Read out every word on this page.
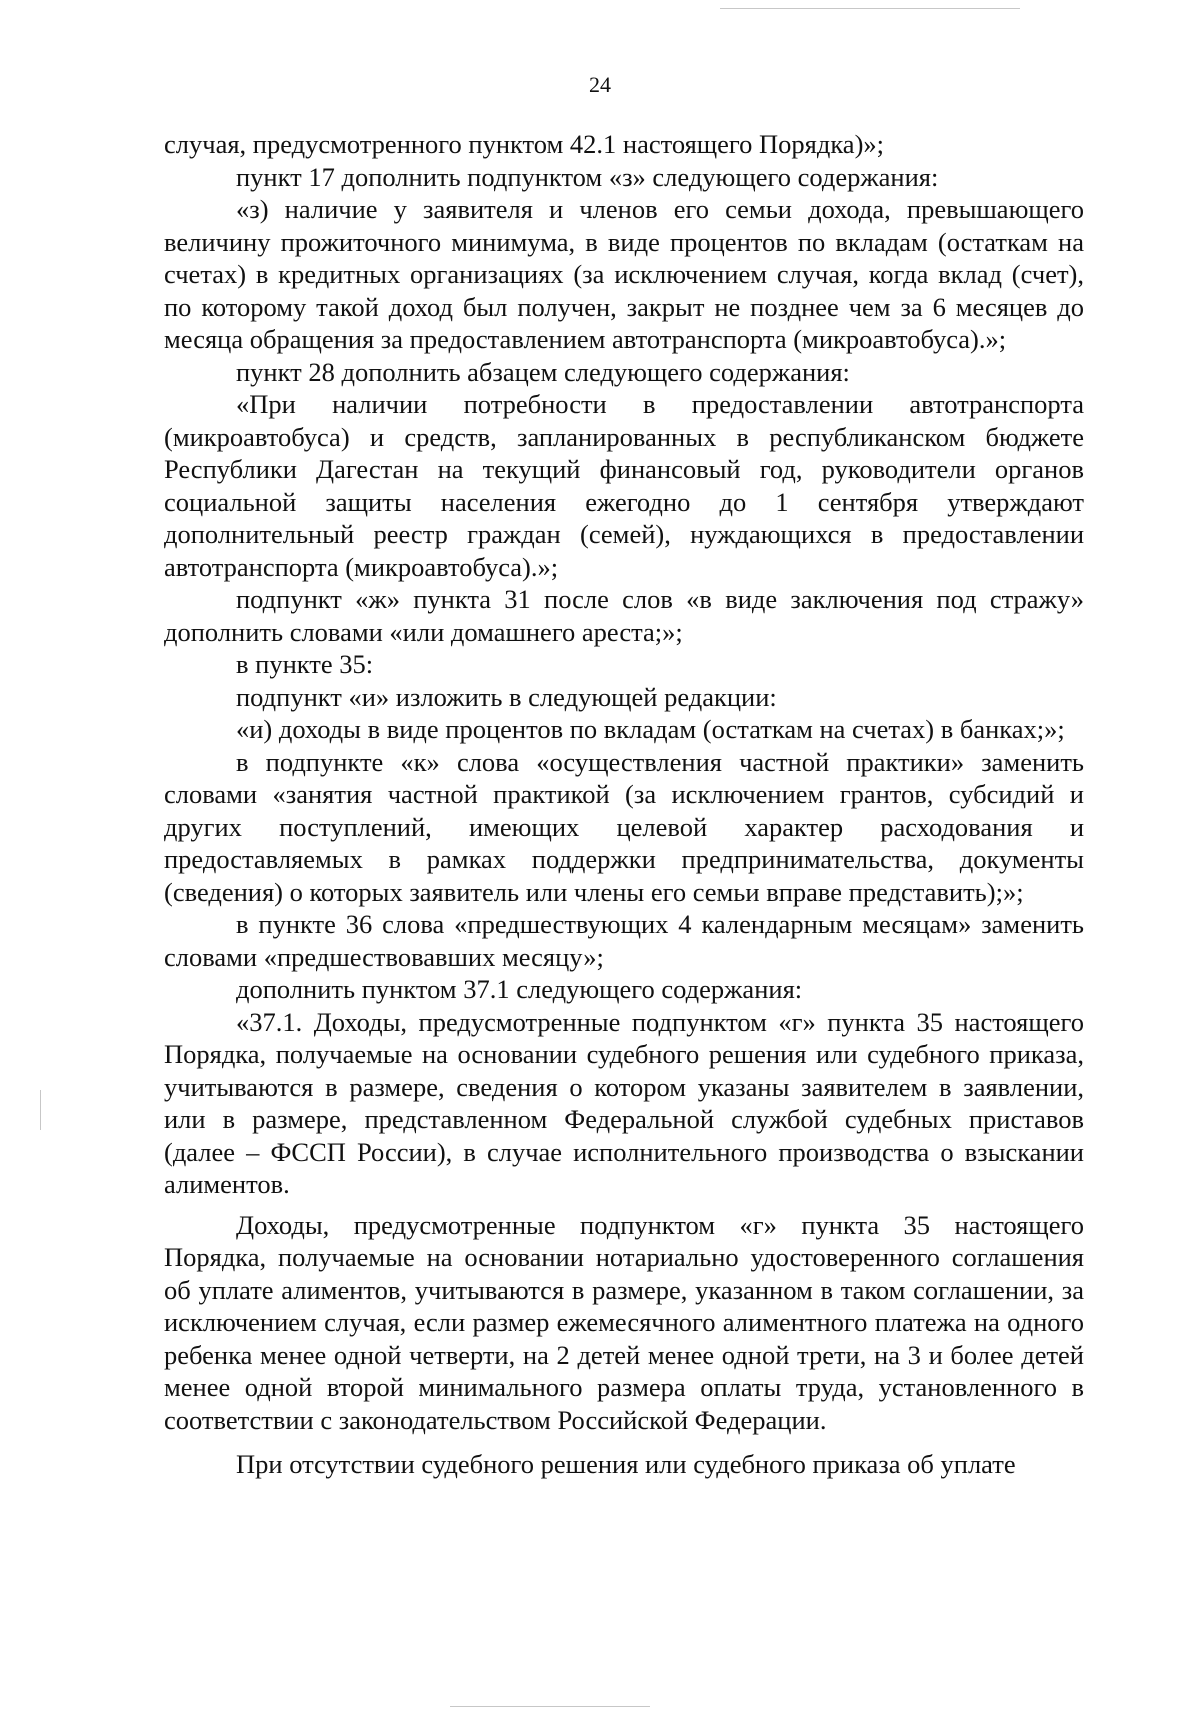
24

случая, предусмотренного пунктом 42.1 настоящего Порядка)»;

пункт 17 дополнить подпунктом «з» следующего содержания:

«з) наличие у заявителя и членов его семьи дохода, превышающего величину прожиточного минимума, в виде процентов по вкладам (остаткам на счетах) в кредитных организациях (за исключением случая, когда вклад (счет), по которому такой доход был получен, закрыт не позднее чем за 6 месяцев до месяца обращения за предоставлением автотранспорта (микроавтобуса).»;

пункт 28 дополнить абзацем следующего содержания:

«При наличии потребности в предоставлении автотранспорта (микроавтобуса) и средств, запланированных в республиканском бюджете Республики Дагестан на текущий финансовый год, руководители органов социальной защиты населения ежегодно до 1 сентября утверждают дополнительный реестр граждан (семей), нуждающихся в предоставлении автотранспорта (микроавтобуса).»;

подпункт «ж» пункта 31 после слов «в виде заключения под стражу» дополнить словами «или домашнего ареста;»;

в пункте 35:

подпункт «и» изложить в следующей редакции:

«и) доходы в виде процентов по вкладам (остаткам на счетах) в банках;»;

в подпункте «к» слова «осуществления частной практики» заменить словами «занятия частной практикой (за исключением грантов, субсидий и других поступлений, имеющих целевой характер расходования и предоставляемых в рамках поддержки предпринимательства, документы (сведения) о которых заявитель или члены его семьи вправе представить);»;

в пункте 36 слова «предшествующих 4 календарным месяцам» заменить словами «предшествовавших месяцу»;

дополнить пунктом 37.1 следующего содержания:

«37.1. Доходы, предусмотренные подпунктом «г» пункта 35 настоящего Порядка, получаемые на основании судебного решения или судебного приказа, учитываются в размере, сведения о котором указаны заявителем в заявлении, или в размере, представленном Федеральной службой судебных приставов (далее – ФССП России), в случае исполнительного производства о взыскании алиментов.

Доходы, предусмотренные подпунктом «г» пункта 35 настоящего Порядка, получаемые на основании нотариально удостоверенного соглашения об уплате алиментов, учитываются в размере, указанном в таком соглашении, за исключением случая, если размер ежемесячного алиментного платежа на одного ребенка менее одной четверти, на 2 детей менее одной трети, на 3 и более детей менее одной второй минимального размера оплаты труда, установленного в соответствии с законодательством Российской Федерации.

При отсутствии судебного решения или судебного приказа об уплате
